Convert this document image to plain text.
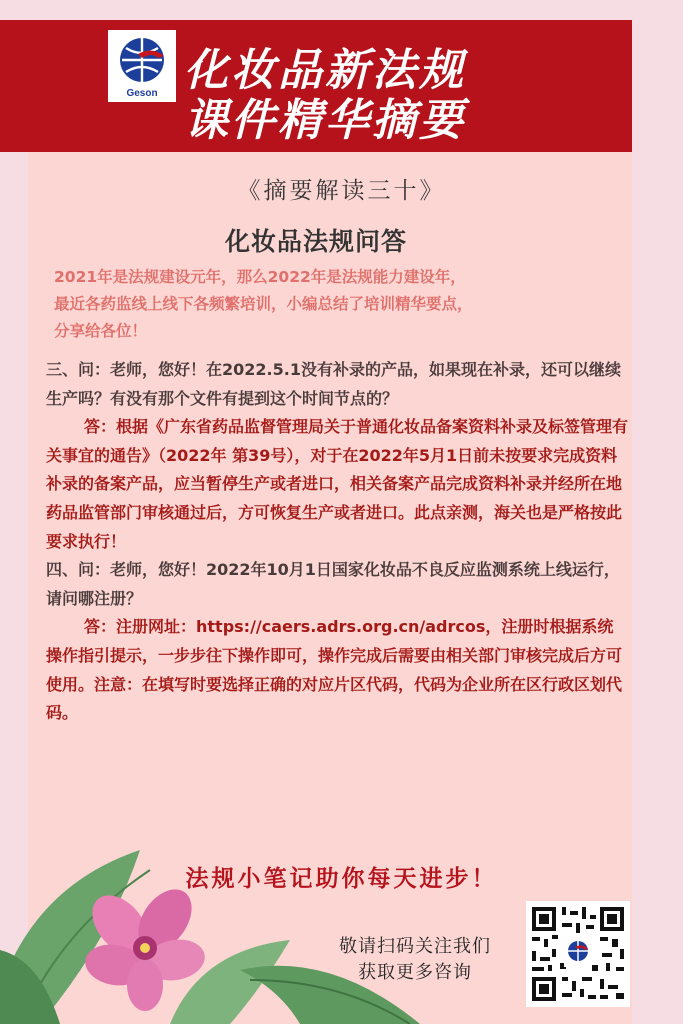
Geson 化妆品新法规
课件精华摘要
《摘要解读三十》
化妆品法规问答

2021年是法规建设元年，那么2022年是法规能力建设年，

最近各药监线上线下各频繁培训，小编总结了培训精华要点，

分享给各位！

三、问：老师，您好！在2022.5.1没有补录的产品，如果现在补录，还可以继续生产吗？有没有那个文件有提到这个时间节点的？

答：根据《广东省药品监督管理局关于普通化妆品备案资料补录及标签管理有关事宜的通告》（2022年 第39号），对于在2022年5月1日前未按要求完成资料补录的备案产品，应当暂停生产或者进口，相关备案产品完成资料补录并经所在地药品监管部门审核通过后，方可恢复生产或者进口。此点亲测，海关也是严格按此要求执行！

四、问：老师，您好！2022年10月1日国家化妆品不良反应监测系统上线运行，请问哪注册？

答：注册网址：https://caers.adrs.org.cn/adrcos，注册时根据系统操作指引提示，一步步往下操作即可，操作完成后需要由相关部门审核完成后方可使用。注意：在填写时要选择正确的对应片区代码，代码为企业所在区行政区划代码。

法规小笔记助你每天进步！
敬请扫码关注我们
获取更多咨询
